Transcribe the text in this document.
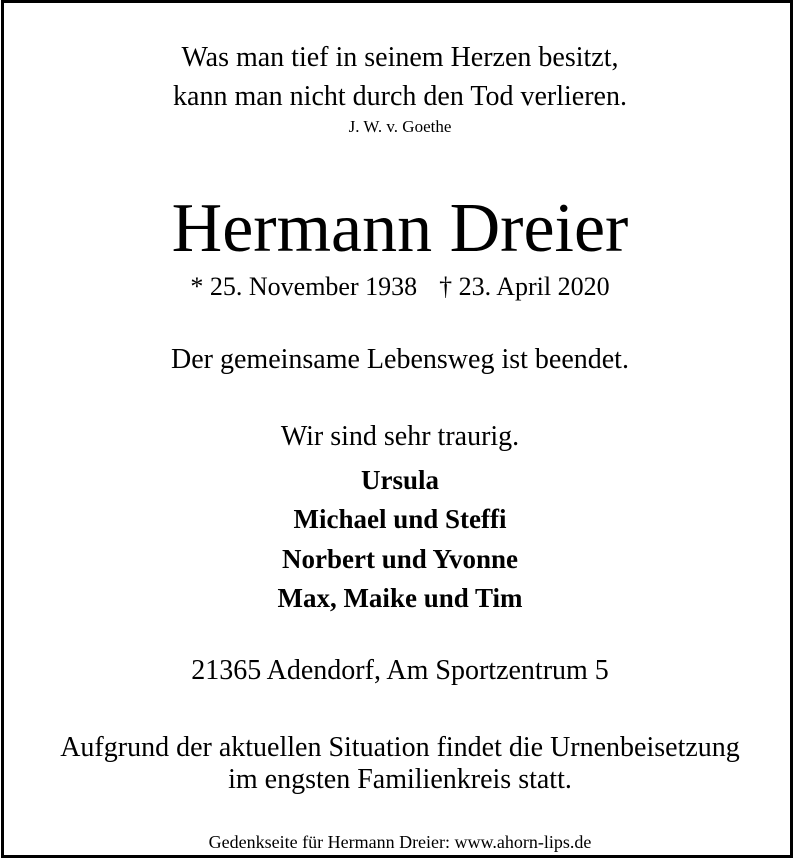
Was man tief in seinem Herzen besitzt,

kann man nicht durch den Tod verlieren.

J. W. v. Goethe

Hermann Dreier

* 25. November 1938 † 23. April 2020

Der gemeinsame Lebensweg ist beendet.

Wir sind sehr traurig.

Ursula

Michael und Steffi

Norbert und Yvonne

Max, Maike und Tim

21365 Adendorf, Am Sportzentrum 5

Aufgrund der aktuellen Situation findet die Urnenbeisetzung

im engsten Familienkreis statt.

Gedenkseite für Hermann Dreier: www.ahorn-lips.de
